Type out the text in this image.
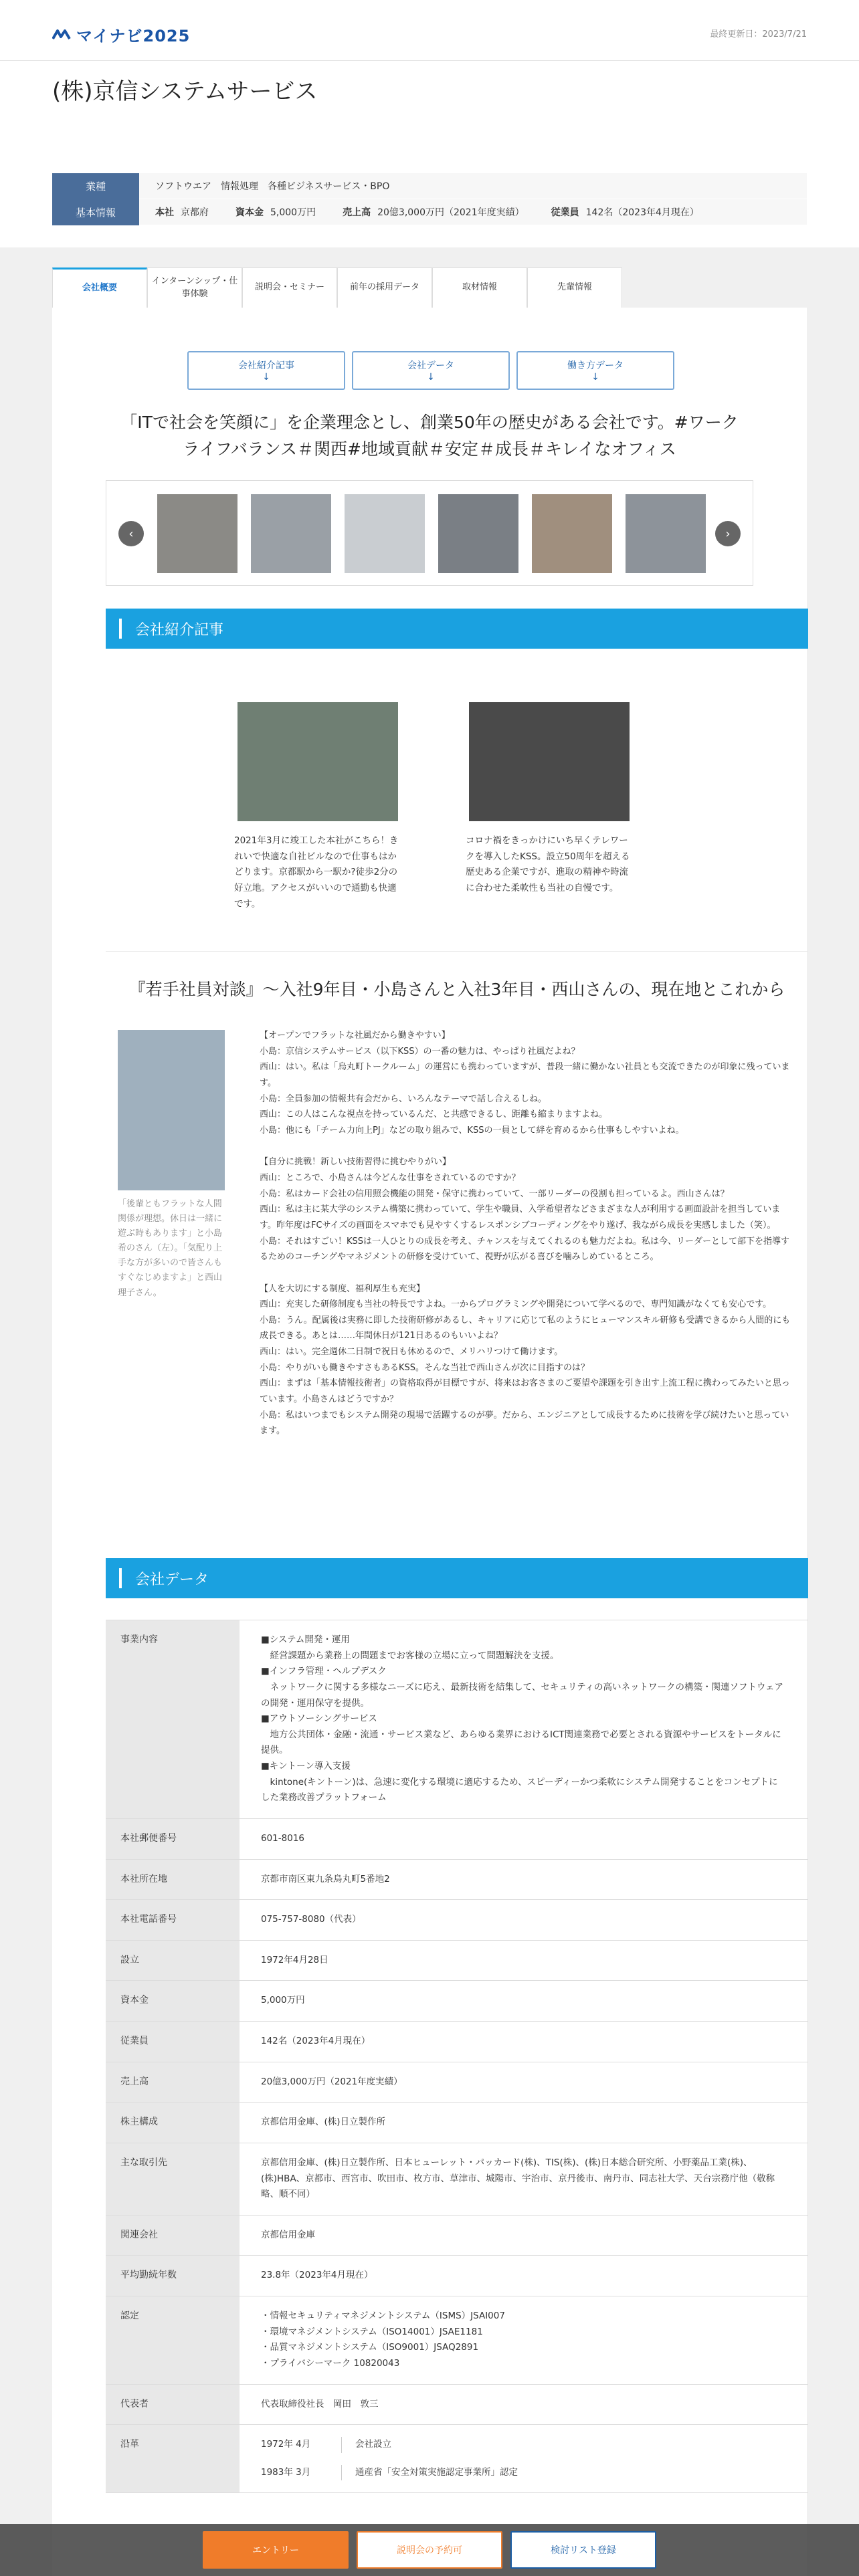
マイナビ2025	最終更新日：2023/7/21
(株)京信システムサービス
業種	ソフトウエア　情報処理　各種ビジネスサービス・BPO
基本情報	本社 京都府	資本金 5,000万円	売上高 20億3,000万円（2021年度実績）	従業員 142名（2023年4月現在）
会社概要
インターンシップ・仕事体験
説明会・セミナー	前年の採用データ	取材情報	先輩情報
会社紹介記事
↓
会社データ
↓
働き方データ
↓
「ITで社会を笑顔に」を企業理念とし、創業50年の歴史がある会社です。#ワークライフバランス＃関西#地域貢献＃安定＃成長＃キレイなオフィス
‹	›
会社紹介記事

2021年3月に竣工した本社がこちら！きれいで快適な自社ビルなので仕事もはかどります。京都駅から一駅か?徒歩2分の好立地。アクセスがいいので通勤も快適です。

コロナ禍をきっかけにいち早くテレワークを導入したKSS。設立50周年を超える歴史ある企業ですが、進取の精神や時流に合わせた柔軟性も当社の自慢です。

『若手社員対談』～入社9年目・小島さんと入社3年目・西山さんの、現在地とこれから
「後輩ともフラットな人間関係が理想。休日は一緒に遊ぶ時もあります」と小島希のさん（左）。「気配り上手な方が多いので皆さんもすぐなじめますよ」と西山理子さん。
【オープンでフラットな社風だから働きやすい】
小島：京信システムサービス（以下KSS）の一番の魅力は、やっぱり社風だよね？
西山：はい。私は「烏丸町トークルーム」の運営にも携わっていますが、普段一緒に働かない社員とも交流できたのが印象に残っています。
小島：全員参加の情報共有会だから、いろんなテーマで話し合えるしね。
西山：この人はこんな視点を持っているんだ、と共感できるし、距離も縮まりますよね。
小島：他にも「チーム力向上PJ」などの取り組みで、KSSの一員として絆を育めるから仕事もしやすいよね。

【自分に挑戦！新しい技術習得に挑むやりがい】
西山：ところで、小島さんは今どんな仕事をされているのですか？
小島：私はカード会社の信用照会機能の開発・保守に携わっていて、一部リーダーの役割も担っているよ。西山さんは？
西山：私は主に某大学のシステム構築に携わっていて、学生や職員、入学希望者などさまざまな人が利用する画面設計を担当しています。昨年度はFCサイズの画面をスマホでも見やすくするレスポンシブコーディングをやり遂げ、我ながら成長を実感しました（笑）。
小島：それはすごい！KSSは一人ひとりの成長を考え、チャンスを与えてくれるのも魅力だよね。私は今、リーダーとして部下を指導するためのコーチングやマネジメントの研修を受けていて、視野が広がる喜びを噛みしめているところ。

【人を大切にする制度、福利厚生も充実】
西山：充実した研修制度も当社の特長ですよね。一からプログラミングや開発について学べるので、専門知識がなくても安心です。
小島：うん。配属後は実務に即した技術研修があるし、キャリアに応じて私のようにヒューマンスキル研修も受講できるから人間的にも成長できる。あとは……年間休日が121日あるのもいいよね？
西山：はい。完全週休二日制で祝日も休めるので、メリハリつけて働けます。
小島：やりがいも働きやすさもあるKSS。そんな当社で西山さんが次に目指すのは？
西山：まずは「基本情報技術者」の資格取得が目標ですが、将来はお客さまのご要望や課題を引き出す上流工程に携わってみたいと思っています。小島さんはどうですか？
小島：私はいつまでもシステム開発の現場で活躍するのが夢。だから、エンジニアとして成長するために技術を学び続けたいと思っています。
会社データ
事業内容	■システム開発・運用
　経営課題から業務上の問題までお客様の立場に立って問題解決を支援。
■インフラ管理・ヘルプデスク
　ネットワークに関する多様なニーズに応え、最新技術を結集して、セキュリティの高いネットワークの構築・関連ソフトウェアの開発・運用保守を提供。
■アウトソーシングサービス
　地方公共団体・金融・流通・サービス業など、あらゆる業界におけるICT関連業務で必要とされる資源やサービスをトータルに提供。
■キントーン導入支援
　kintone(キントーン)は、急速に変化する環境に適応するため、スピーディーかつ柔軟にシステム開発することをコンセプトにした業務改善プラットフォーム
本社郵便番号	601-8016
本社所在地	京都市南区東九条烏丸町5番地2
本社電話番号	075-757-8080（代表）
設立	1972年4月28日
資本金	5,000万円
従業員	142名（2023年4月現在）
売上高	20億3,000万円（2021年度実績）
株主構成	京都信用金庫、(株)日立製作所
主な取引先	京都信用金庫、(株)日立製作所、日本ヒューレット・パッカード(株)、TIS(株)、(株)日本総合研究所、小野薬品工業(株)、(株)HBA、京都市、西宮市、吹田市、枚方市、草津市、城陽市、宇治市、京丹後市、南丹市、同志社大学、天台宗務庁他（敬称略、順不同）
関連会社	京都信用金庫
平均勤続年数	23.8年（2023年4月現在）
認定	・情報セキュリティマネジメントシステム（ISMS）JSAI007
・環境マネジメントシステム（ISO14001）JSAE1181
・品質マネジメントシステム（ISO9001）JSAQ2891
・プライバシーマーク 10820043
代表者	代表取締役社長　岡田　敦三
沿革	1972年 4月	会社設立
1983年 3月	通産省「安全対策実施認定事業所」認定
エントリー	説明会の予約可	検討リスト登録
